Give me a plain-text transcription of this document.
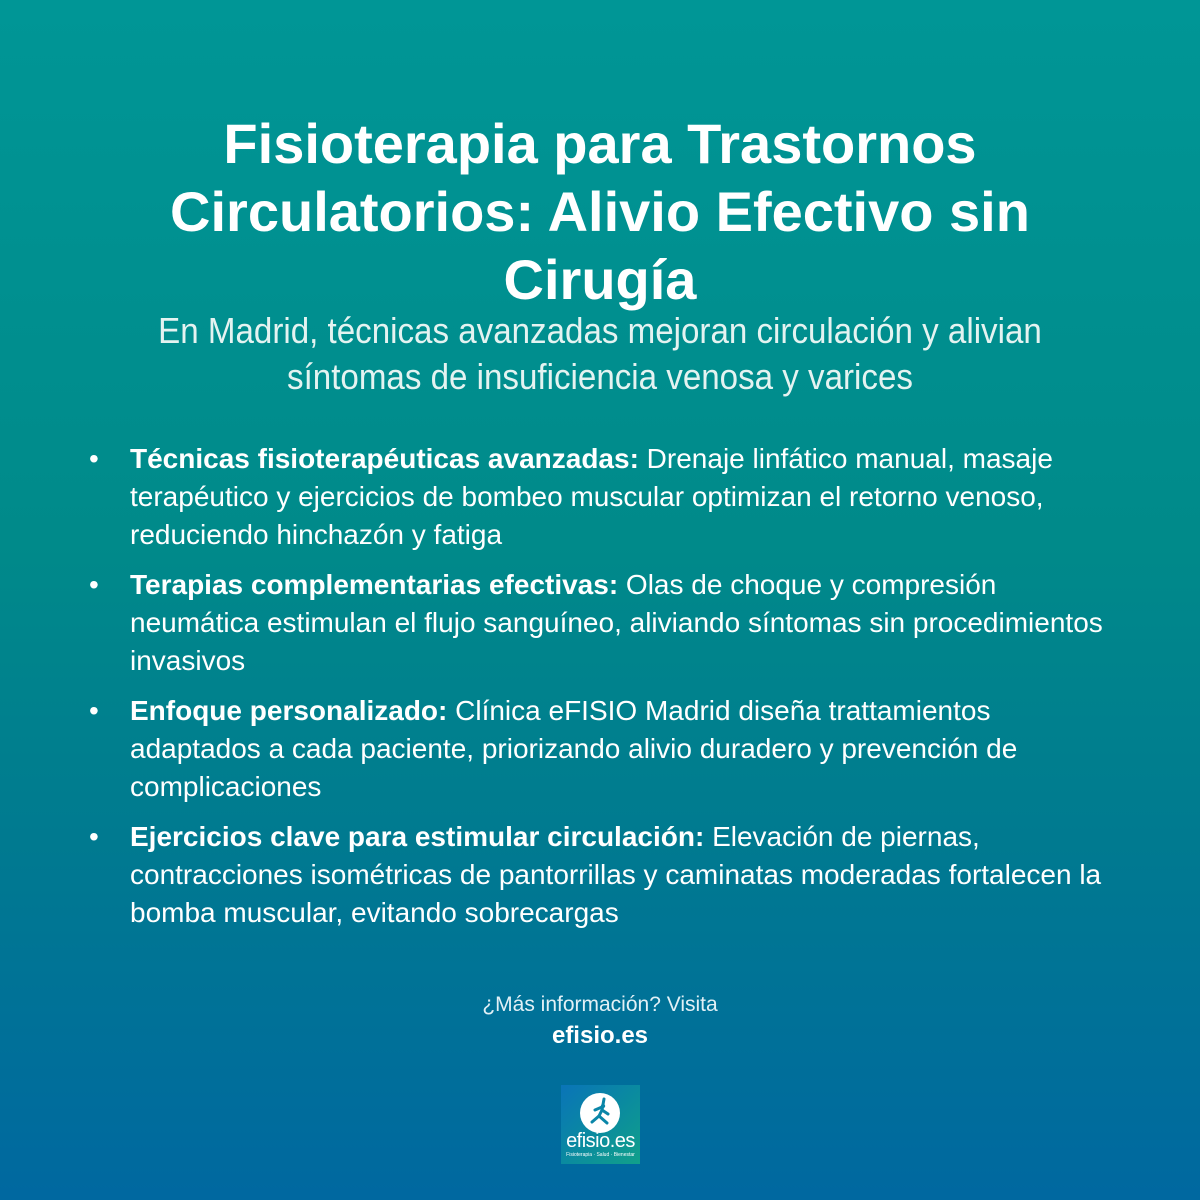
Fisioterapia para Trastornos Circulatorios: Alivio Efectivo sin Cirugía

En Madrid, técnicas avanzadas mejoran circulación y alivian síntomas de insuficiencia venosa y varices

• Técnicas fisioterapéuticas avanzadas: Drenaje linfático manual, masaje terapéutico y ejercicios de bombeo muscular optimizan el retorno venoso, reduciendo hinchazón y fatiga
• Terapias complementarias efectivas: Olas de choque y compresión neumática estimulan el flujo sanguíneo, aliviando síntomas sin procedimientos invasivos
• Enfoque personalizado: Clínica eFISIO Madrid diseña trattamientos adaptados a cada paciente, priorizando alivio duradero y prevención de complicaciones
• Ejercicios clave para estimular circulación: Elevación de piernas, contracciones isométricas de pantorrillas y caminatas moderadas fortalecen la bomba muscular, evitando sobrecargas
¿Más información? Visita
efisio.es
efisio.es
Fisioterapia · Salud · Bienestar
